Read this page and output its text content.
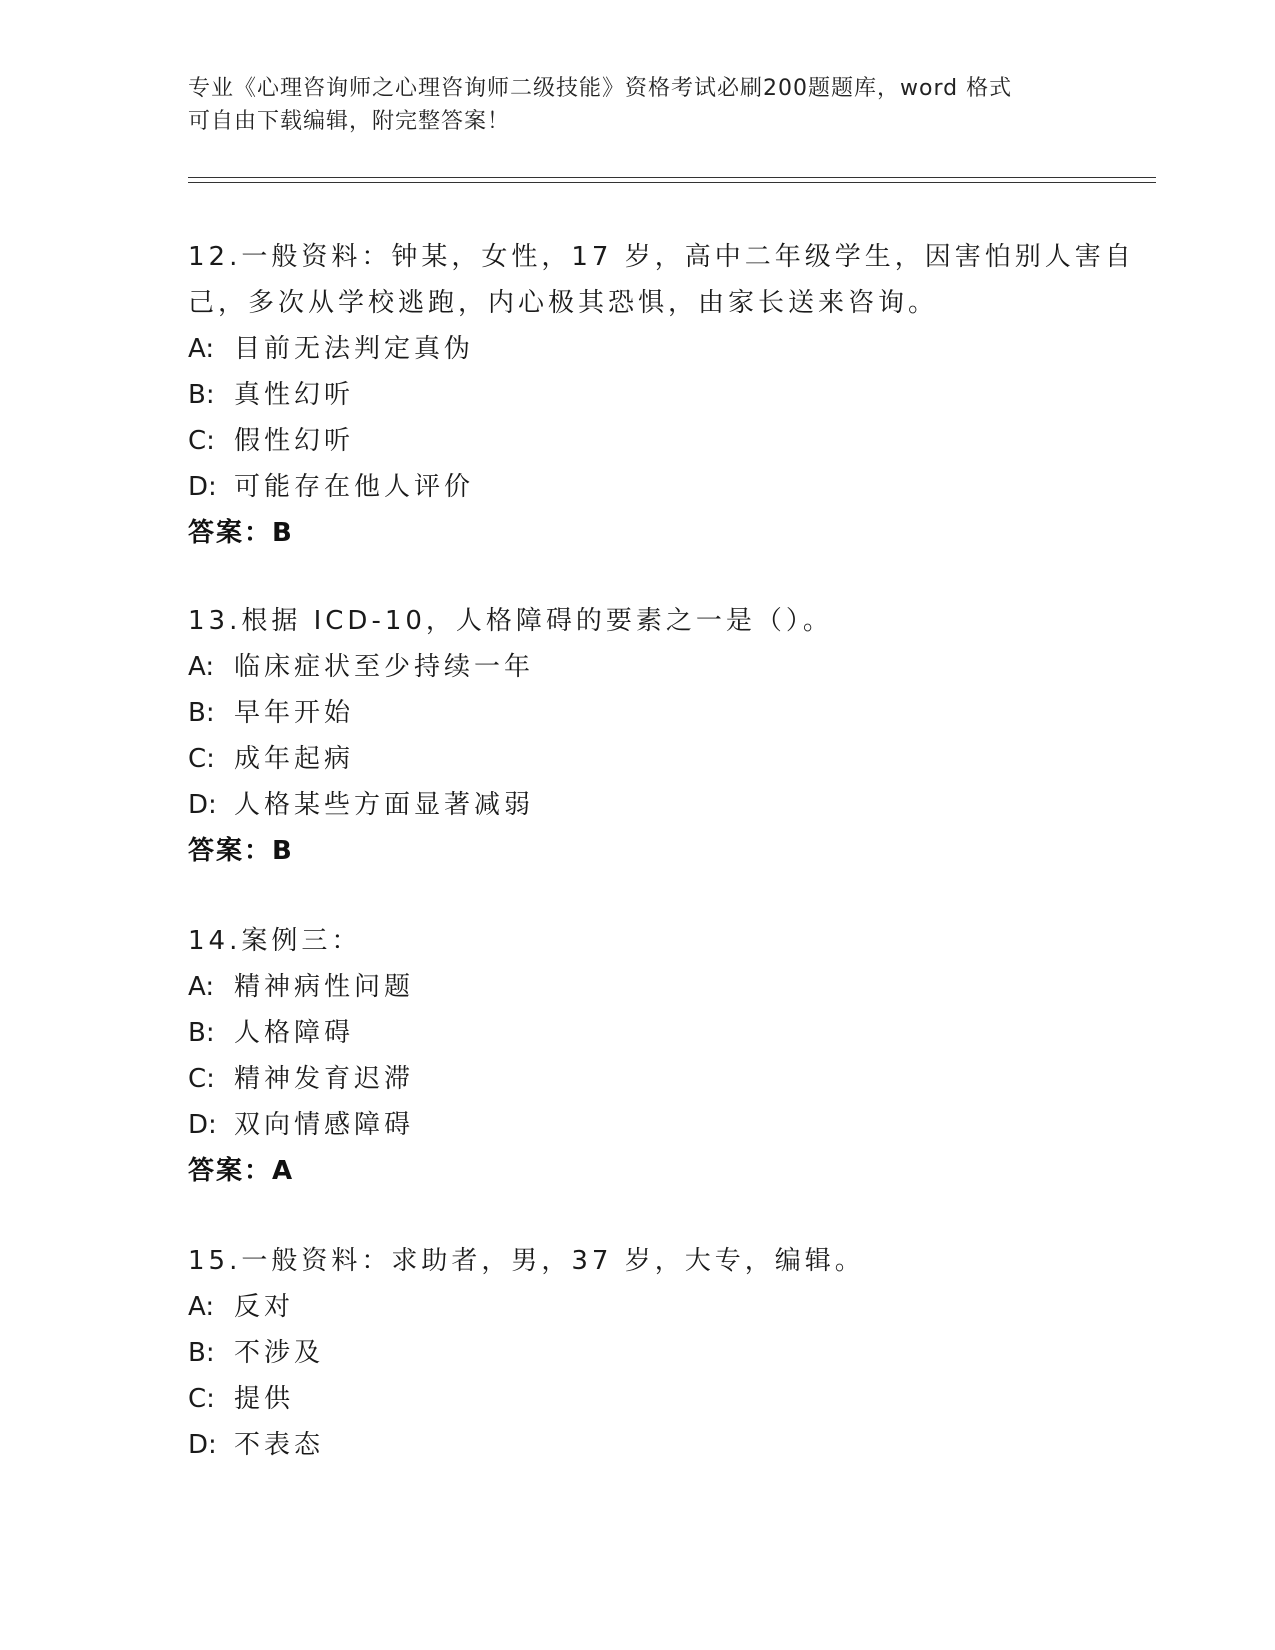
专业《心理咨询师之心理咨询师二级技能》资格考试必刷200题题库，word 格式
可自由下载编辑，附完整答案！
12.一般资料：钟某，女性，17 岁，高中二年级学生，因害怕别人害自
己，多次从学校逃跑，内心极其恐惧，由家长送来咨询。
A: 目前无法判定真伪
B: 真性幻听
C: 假性幻听
D: 可能存在他人评价
答案：B
13.根据 ICD-10，人格障碍的要素之一是（）。
A: 临床症状至少持续一年
B: 早年开始
C: 成年起病
D: 人格某些方面显著减弱
答案：B
14.案例三：
A: 精神病性问题
B: 人格障碍
C: 精神发育迟滞
D: 双向情感障碍
答案：A
15.一般资料：求助者，男，37 岁，大专，编辑。
A: 反对
B: 不涉及
C: 提供
D: 不表态
